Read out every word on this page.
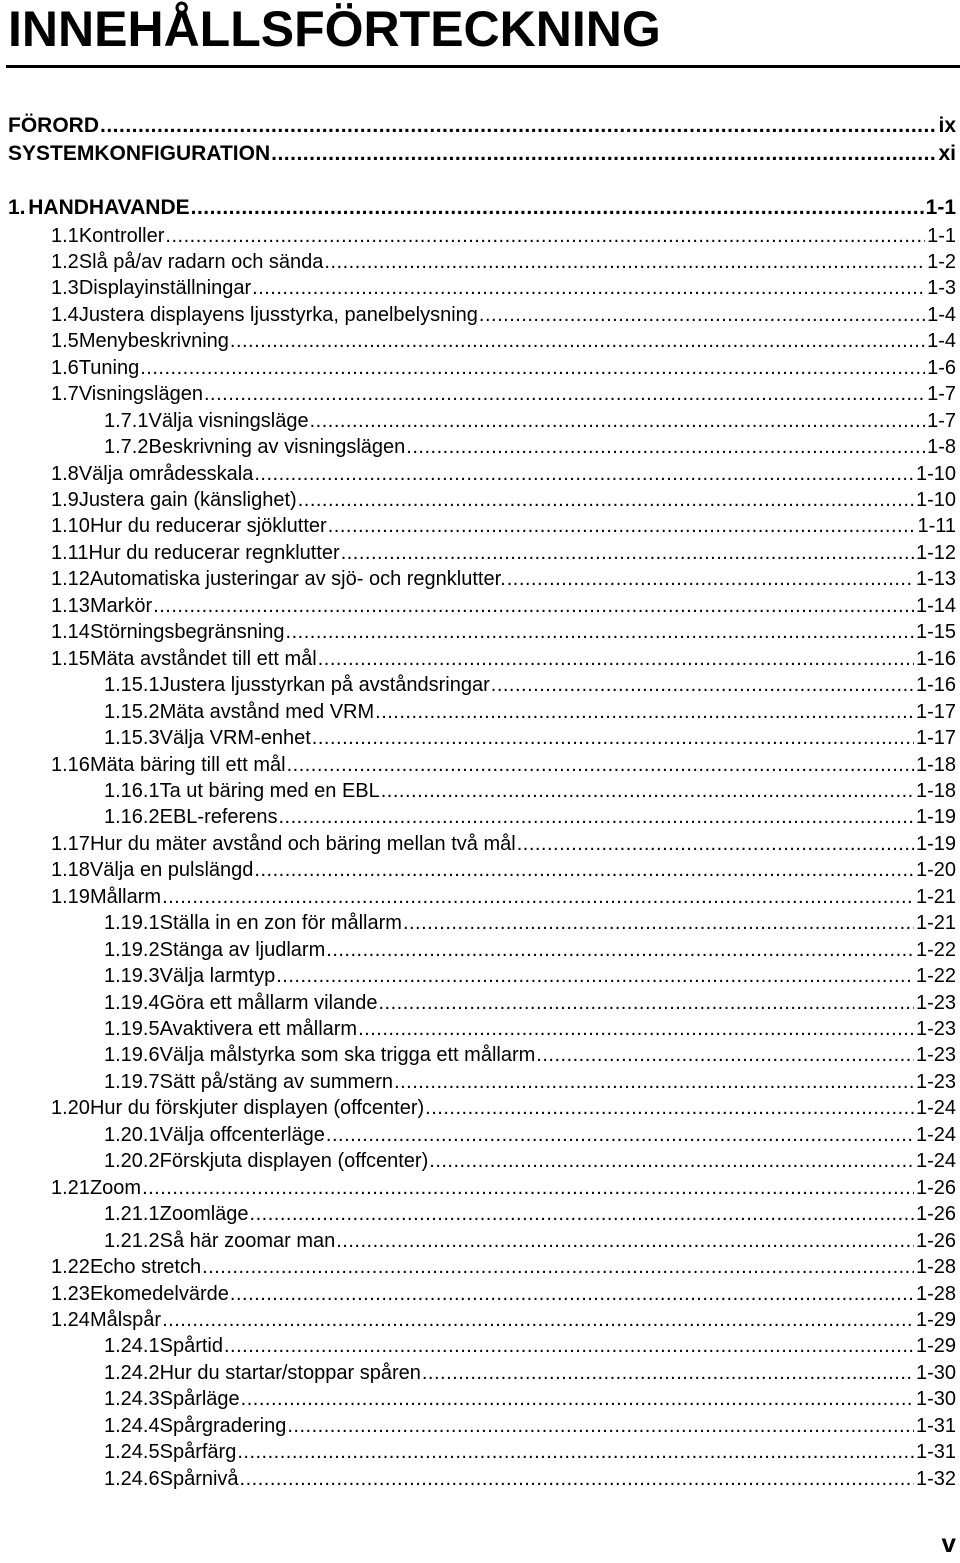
INNEHÅLLSFÖRTECKNING
FÖRORD .....	ix
SYSTEMKONFIGURATION .....	xi
1. HANDHAVANDE .....	1-1
1.1 Kontroller .....	1-1
1.2 Slå på/av radarn och sända .....	1-2
1.3 Displayinställningar .....	1-3
1.4 Justera displayens ljusstyrka, panelbelysning .....	1-4
1.5 Menybeskrivning .....	1-4
1.6 Tuning .....	1-6
1.7 Visningslägen .....	1-7
1.7.1 Välja visningsläge .....	1-7
1.7.2 Beskrivning av visningslägen .....	1-8
1.8 Välja områdesskala .....	1-10
1.9 Justera gain (känslighet) .....	1-10
1.10 Hur du reducerar sjöklutter .....	1-11
1.11 Hur du reducerar regnklutter .....	1-12
1.12 Automatiska justeringar av sjö- och regnklutter. .....	1-13
1.13 Markör .....	1-14
1.14 Störningsbegränsning .....	1-15
1.15 Mäta avståndet till ett mål .....	1-16
1.15.1 Justera ljusstyrkan på avståndsringar .....	1-16
1.15.2 Mäta avstånd med VRM .....	1-17
1.15.3 Välja VRM-enhet .....	1-17
1.16 Mäta bäring till ett mål .....	1-18
1.16.1 Ta ut bäring med en EBL .....	1-18
1.16.2 EBL-referens .....	1-19
1.17 Hur du mäter avstånd och bäring mellan två mål .....	1-19
1.18 Välja en pulslängd .....	1-20
1.19 Mållarm .....	1-21
1.19.1 Ställa in en zon för mållarm .....	1-21
1.19.2 Stänga av ljudlarm .....	1-22
1.19.3 Välja larmtyp .....	1-22
1.19.4 Göra ett mållarm vilande .....	1-23
1.19.5 Avaktivera ett mållarm .....	1-23
1.19.6 Välja målstyrka som ska trigga ett mållarm .....	1-23
1.19.7 Sätt på/stäng av summern .....	1-23
1.20 Hur du förskjuter displayen (offcenter) .....	1-24
1.20.1 Välja offcenterläge .....	1-24
1.20.2 Förskjuta displayen (offcenter) .....	1-24
1.21 Zoom .....	1-26
1.21.1 Zoomläge .....	1-26
1.21.2 Så här zoomar man .....	1-26
1.22 Echo stretch .....	1-28
1.23 Ekomedelvärde .....	1-28
1.24 Målspår .....	1-29
1.24.1 Spårtid .....	1-29
1.24.2 Hur du startar/stoppar spåren .....	1-30
1.24.3 Spårläge .....	1-30
1.24.4 Spårgradering .....	1-31
1.24.5 Spårfärg .....	1-31
1.24.6 Spårnivå .....	1-32
v
